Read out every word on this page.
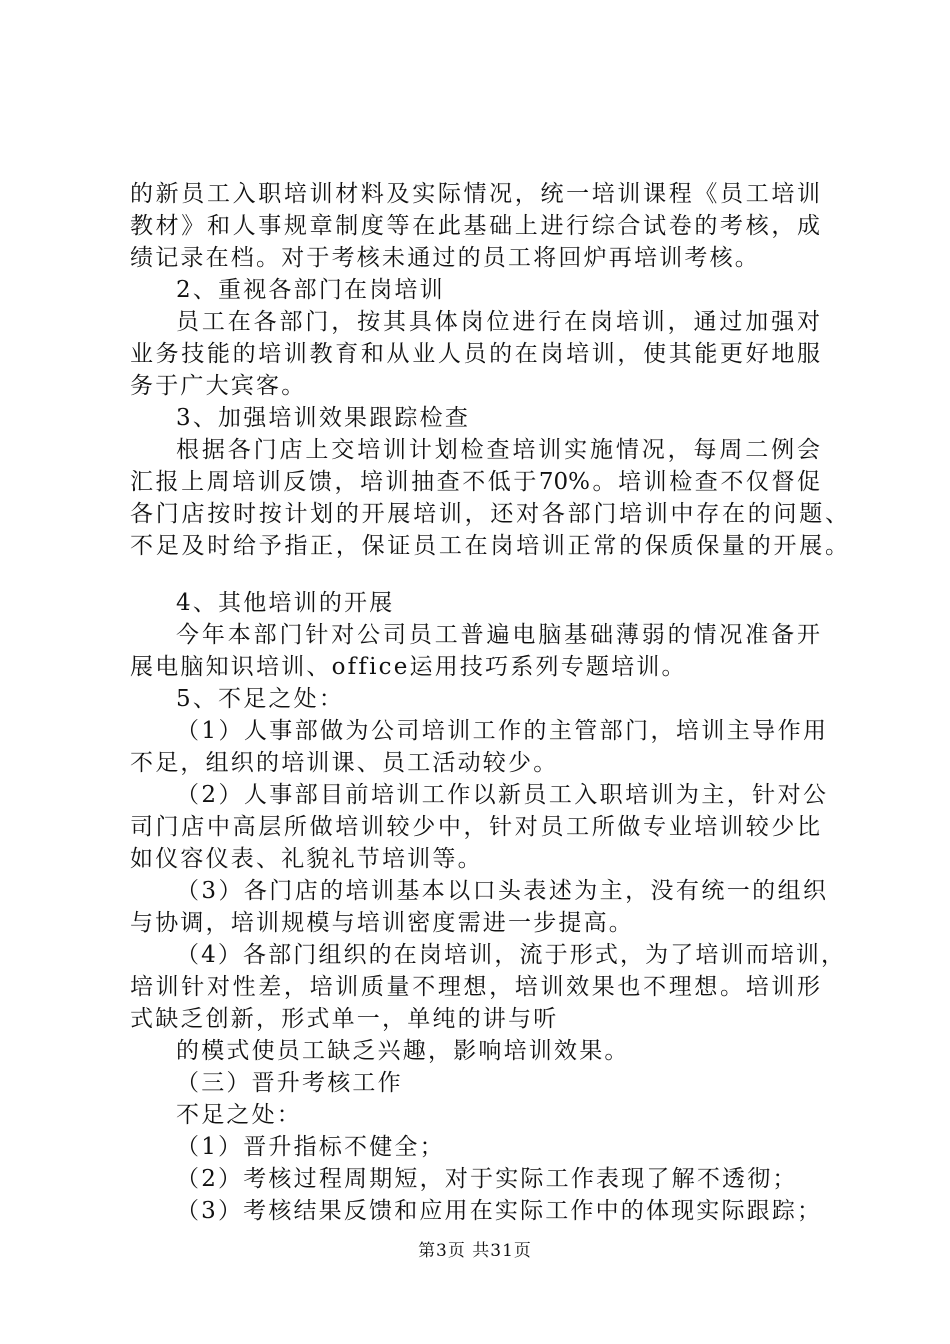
的新员工入职培训材料及实际情况，统一培训课程《员工培训
教材》和人事规章制度等在此基础上进行综合试卷的考核，成
绩记录在档。对于考核未通过的员工将回炉再培训考核。
2、重视各部门在岗培训
员工在各部门，按其具体岗位进行在岗培训，通过加强对
业务技能的培训教育和从业人员的在岗培训，使其能更好地服
务于广大宾客。
3、加强培训效果跟踪检查
根据各门店上交培训计划检查培训实施情况，每周二例会
汇报上周培训反馈，培训抽查不低于70%。培训检查不仅督促
各门店按时按计划的开展培训，还对各部门培训中存在的问题、
不足及时给予指正，保证员工在岗培训正常的保质保量的开展。
4、其他培训的开展
今年本部门针对公司员工普遍电脑基础薄弱的情况准备开
展电脑知识培训、office运用技巧系列专题培训。
5、不足之处：
（1）人事部做为公司培训工作的主管部门，培训主导作用
不足，组织的培训课、员工活动较少。
（2）人事部目前培训工作以新员工入职培训为主，针对公
司门店中高层所做培训较少中，针对员工所做专业培训较少比
如仪容仪表、礼貌礼节培训等。
（3）各门店的培训基本以口头表述为主，没有统一的组织
与协调，培训规模与培训密度需进一步提高。
（4）各部门组织的在岗培训，流于形式，为了培训而培训，
培训针对性差，培训质量不理想，培训效果也不理想。培训形
式缺乏创新，形式单一，单纯的讲与听
的模式使员工缺乏兴趣，影响培训效果。
（三）晋升考核工作
不足之处：
（1）晋升指标不健全；
（2）考核过程周期短，对于实际工作表现了解不透彻；
（3）考核结果反馈和应用在实际工作中的体现实际跟踪；
第3页 共31页
